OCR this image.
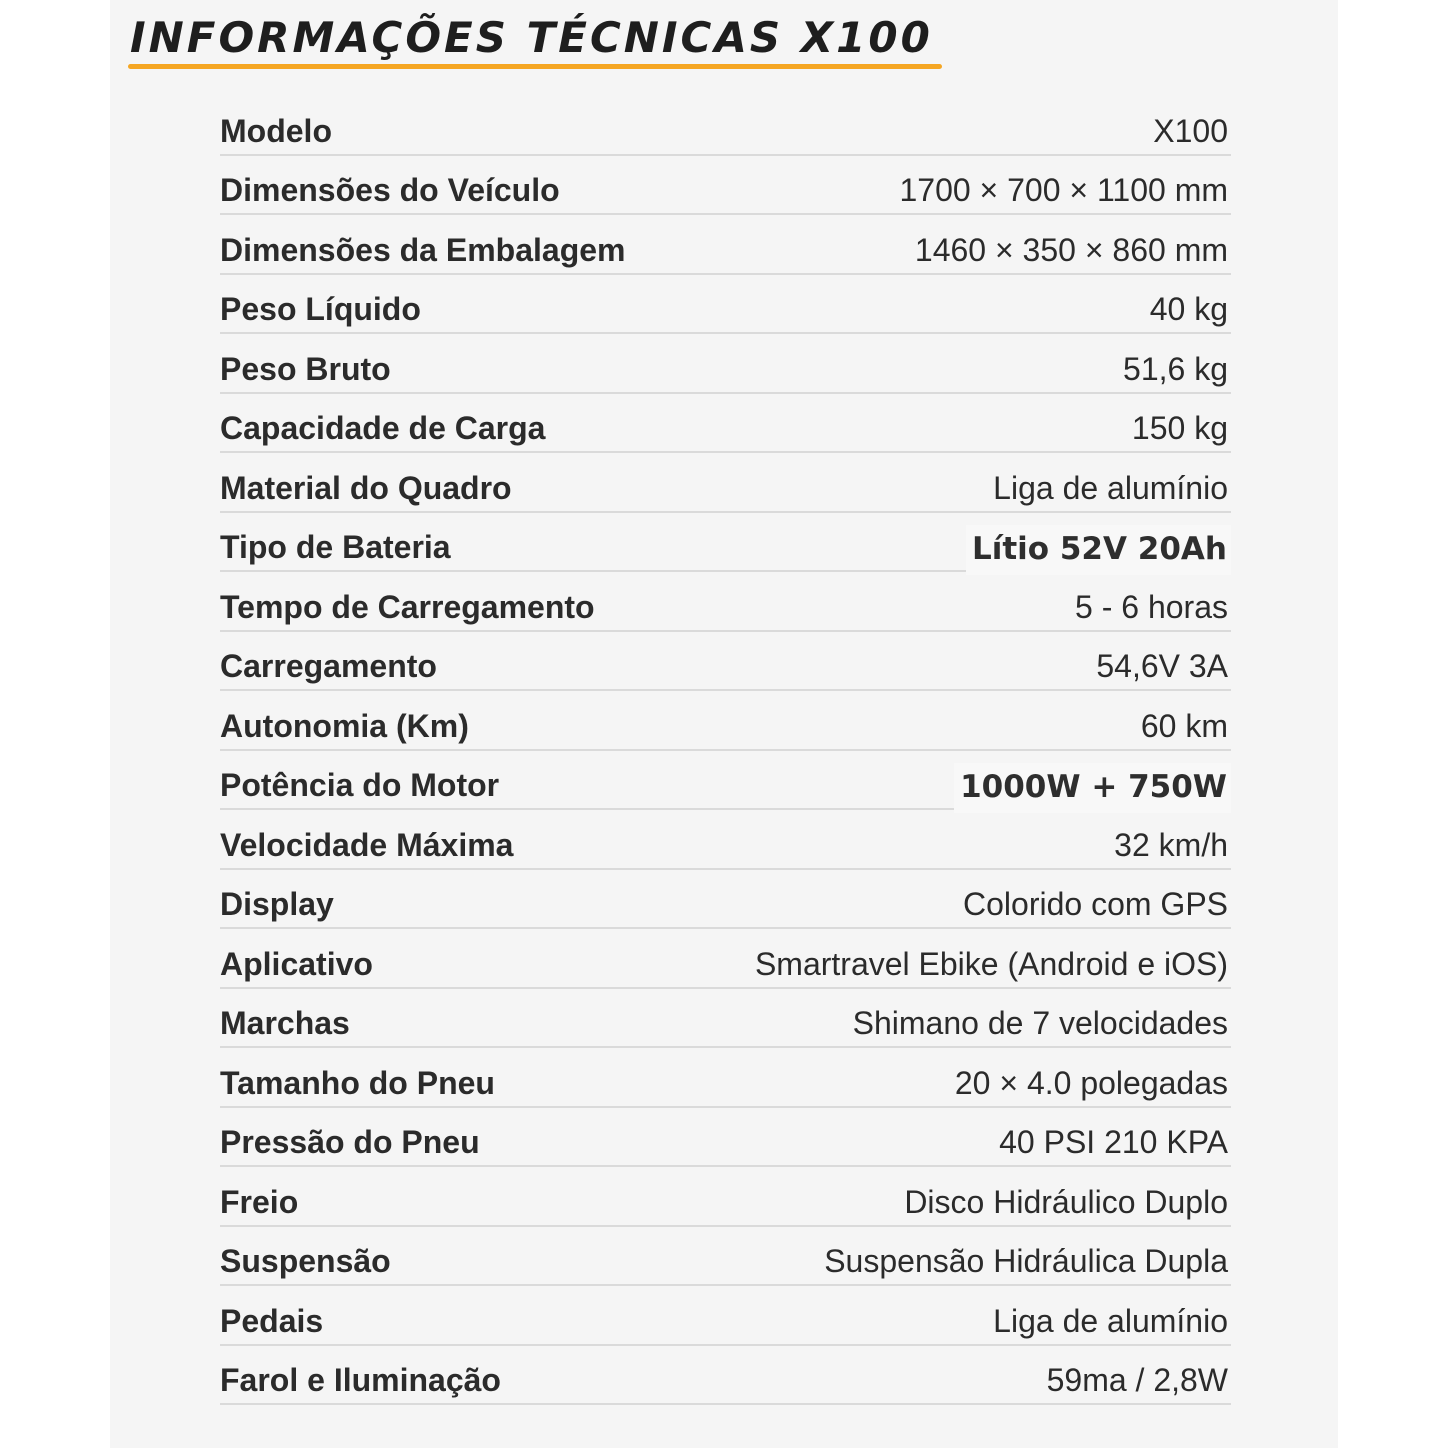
INFORMAÇÕES TÉCNICAS X100
Modelo	X100
Dimensões do Veículo	1700 × 700 × 1100 mm
Dimensões da Embalagem	1460 × 350 × 860 mm
Peso Líquido	40 kg
Peso Bruto	51,6 kg
Capacidade de Carga	150 kg
Material do Quadro	Liga de alumínio
Tipo de Bateria	Lítio 52V 20Ah
Tempo de Carregamento	5 - 6 horas
Carregamento	54,6V 3A
Autonomia (Km)	60 km
Potência do Motor	1000W + 750W
Velocidade Máxima	32 km/h
Display	Colorido com GPS
Aplicativo	Smartravel Ebike (Android e iOS)
Marchas	Shimano de 7 velocidades
Tamanho do Pneu	20 × 4.0 polegadas
Pressão do Pneu	40 PSI 210 KPA
Freio	Disco Hidráulico Duplo
Suspensão	Suspensão Hidráulica Dupla
Pedais	Liga de alumínio
Farol e Iluminação	59ma / 2,8W
